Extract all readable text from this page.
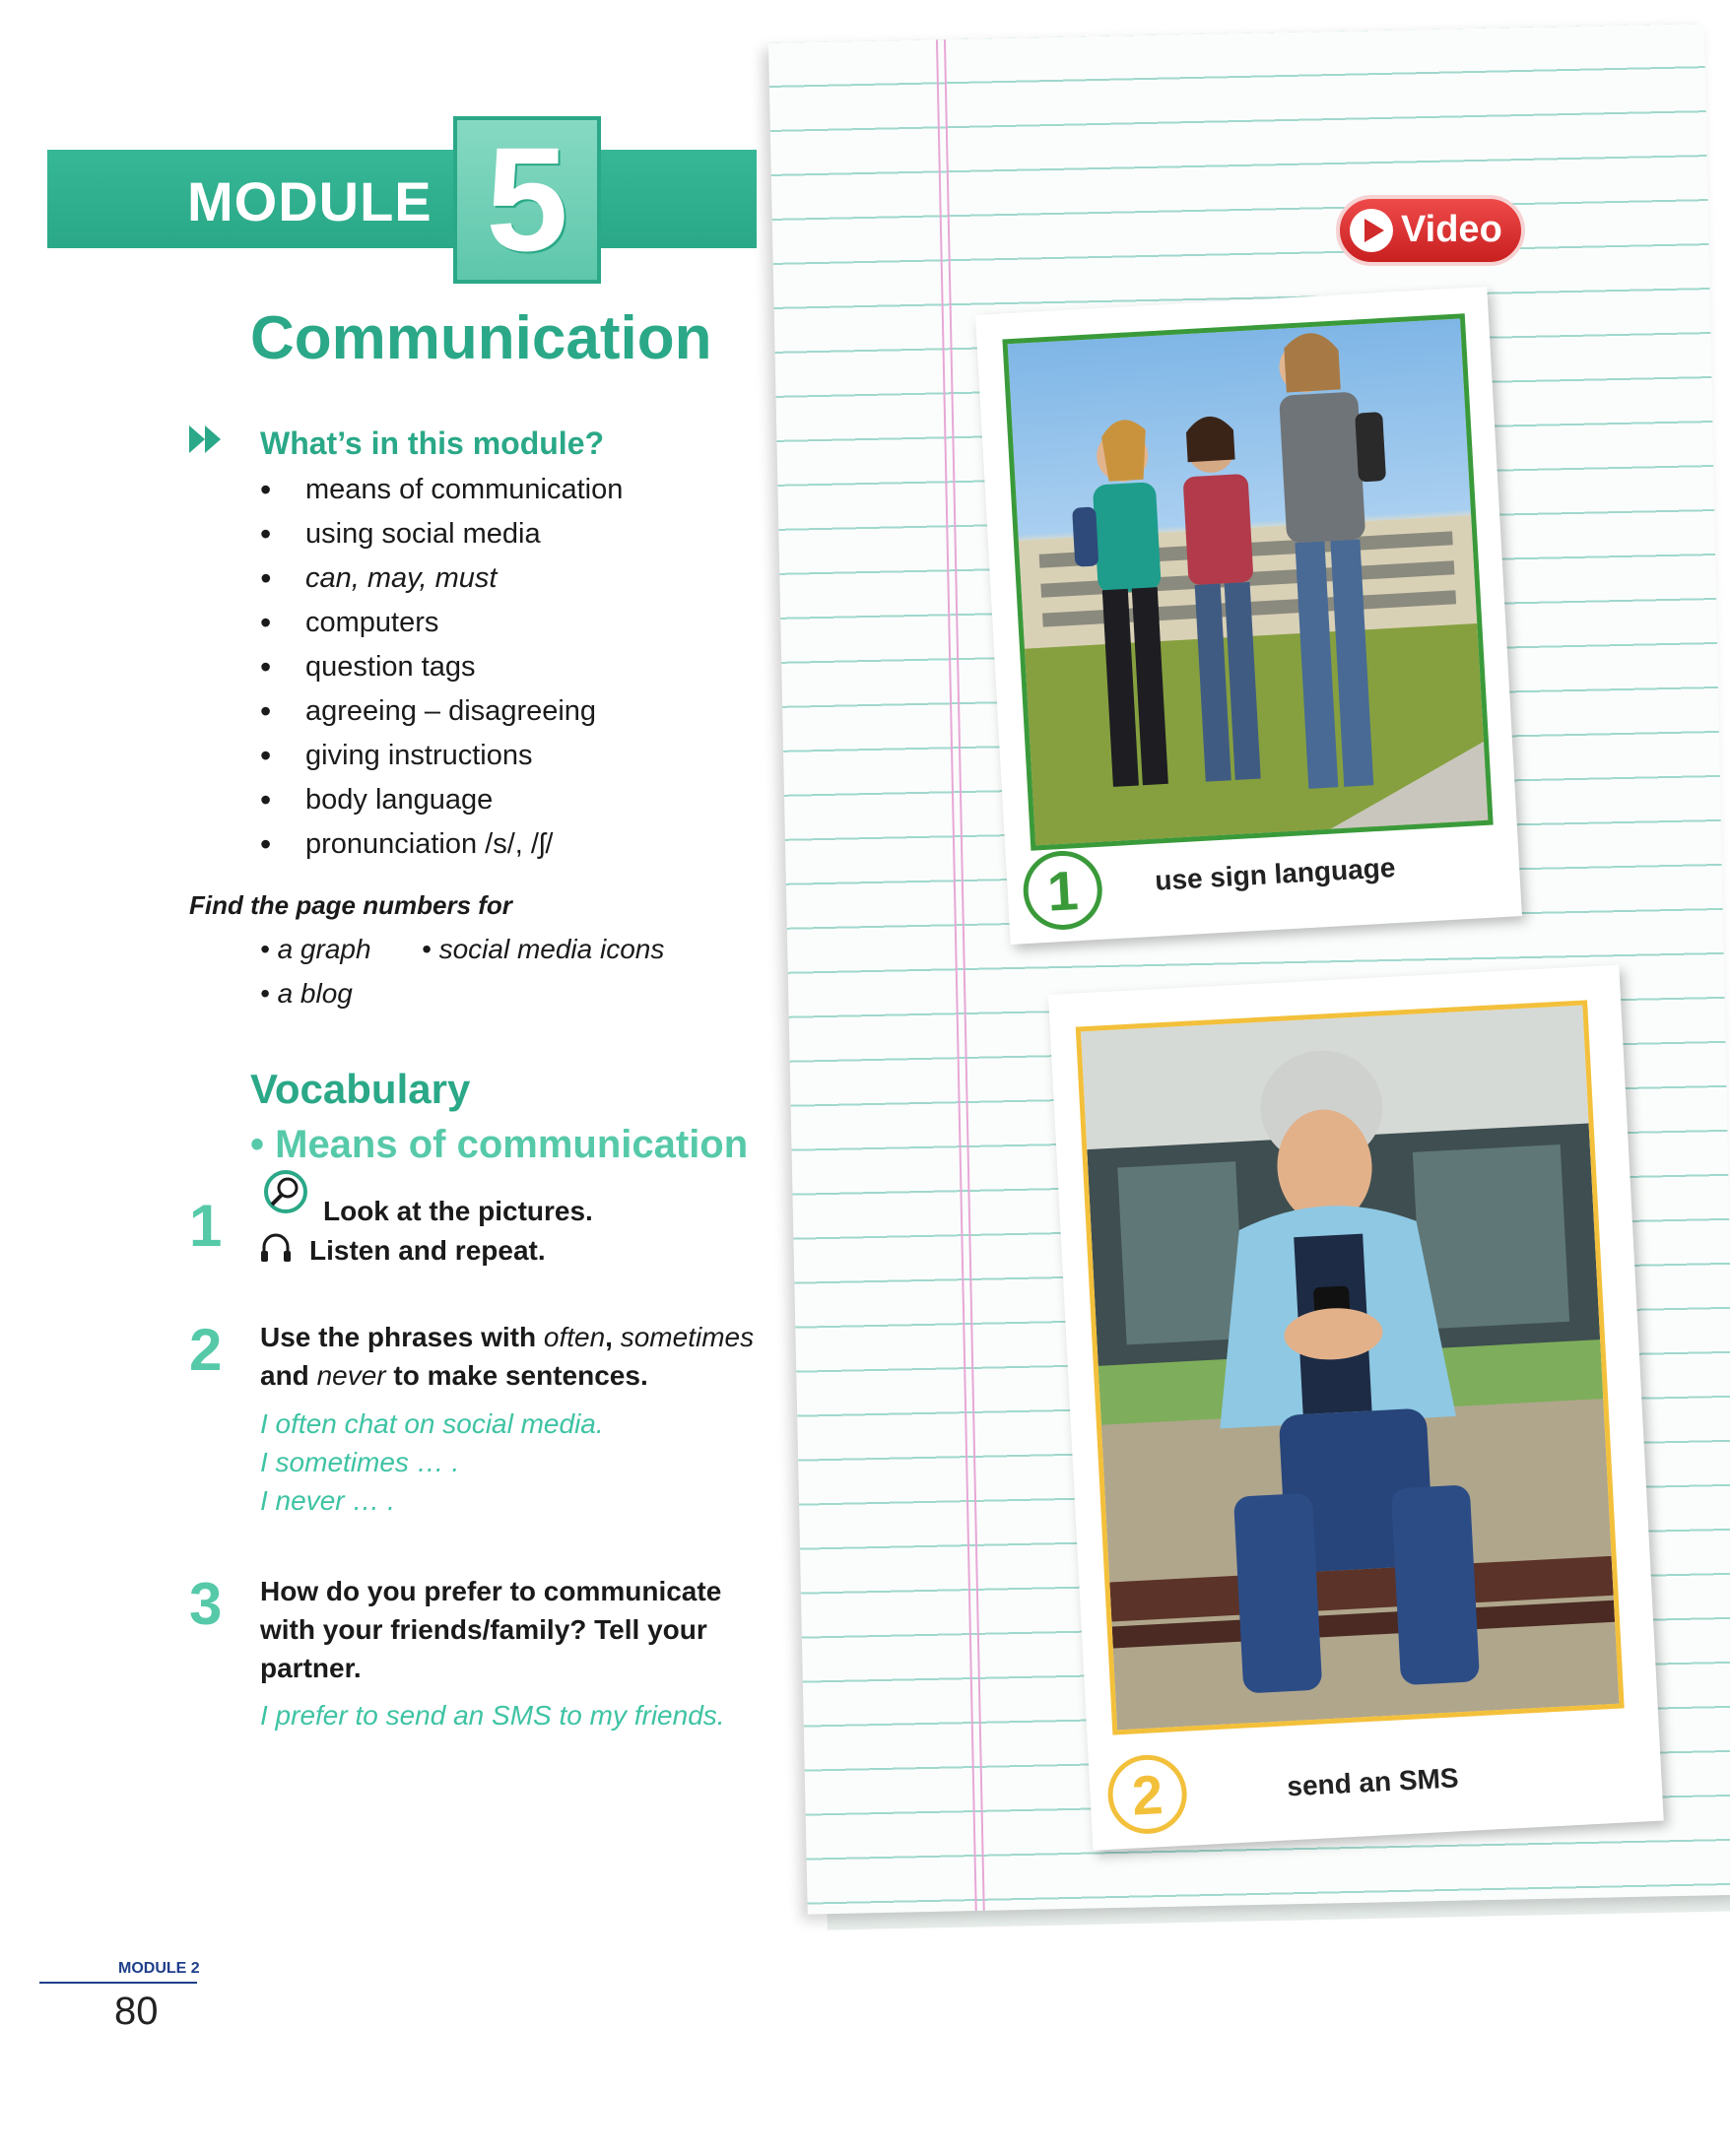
MODULE 5
Communication
What’s in this module?
• means of communication
• using social media
• can, may, must
• computers
• question tags
• agreeing – disagreeing
• giving instructions
• body language
• pronunciation /s/, /ʃ/
Find the page numbers for
• a graph • social media icons
• a blog
Vocabulary
• Means of communication
1	Look at the pictures.
Listen and repeat.
2 Use the phrases with often, sometimes
and never to make sentences.
I often chat on social media.
I sometimes … .
I never … .
3 How do you prefer to communicate
with your friends/family? Tell your
partner.
I prefer to send an SMS to my friends.
Video
1	use sign language
2	send an SMS
MODULE 2
80
